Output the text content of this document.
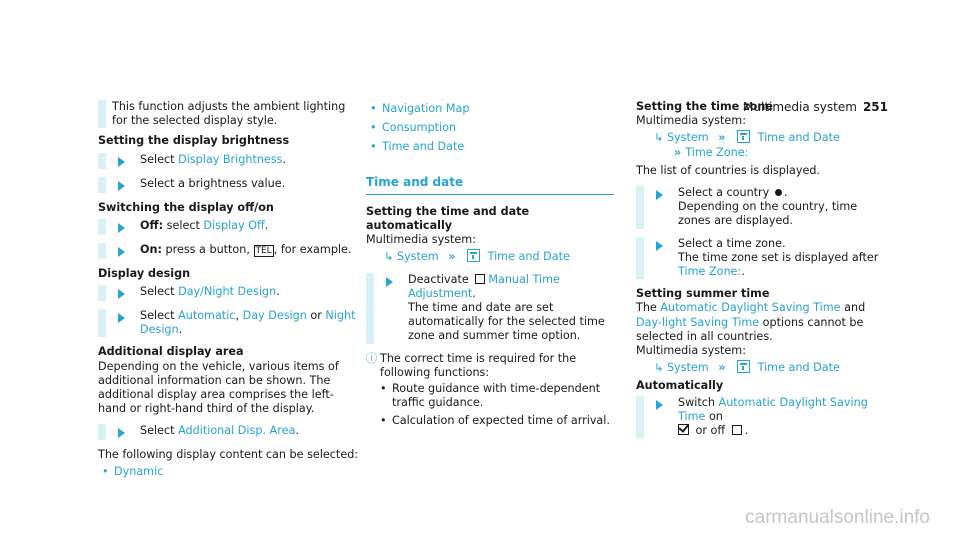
Multimedia system 251

This function adjusts the ambient lighting for the selected display style.

Setting the display brightness

Select Display Brightness.
Select a brightness value.

Switching the display off/on

Off: select Display Off.
On: press a button, TEL , for example.

Display design

Select Day/Night Design.
Select Automatic, Day Design or Night Design.

Additional display area

Depending on the vehicle, various items of additional information can be shown. The additional display area comprises the left-hand or right-hand third of the display.

Select Additional Disp. Area.

The following display content can be selected:

• Dynamic
• Navigation Map
• Consumption
• Time and Date
Time and date

Setting the time and date automatically

Multimedia system:

↳ System ››	Time and Date

Deactivate Manual Time Adjustment.
The time and date are set automatically for the selected time zone and summer time option.
ⓘ The correct time is required for the following functions:

• Route guidance with time-dependent traffic guidance.
• Calculation of expected time of arrival.

Setting the time zone

Multimedia system:

↳ System ››	Time and Date
›› Time Zone:

The list of countries is displayed.

Select a country .
Depending on the country, time zones are displayed.
Select a time zone.
The time zone set is displayed after Time Zone:.

Setting summer time

The Automatic Daylight Saving Time and Day-light Saving Time options cannot be selected in all countries.

Multimedia system:

↳ System ››	Time and Date

Automatically

Switch Automatic Daylight Saving Time on
or off .
carmanualsonline.info
